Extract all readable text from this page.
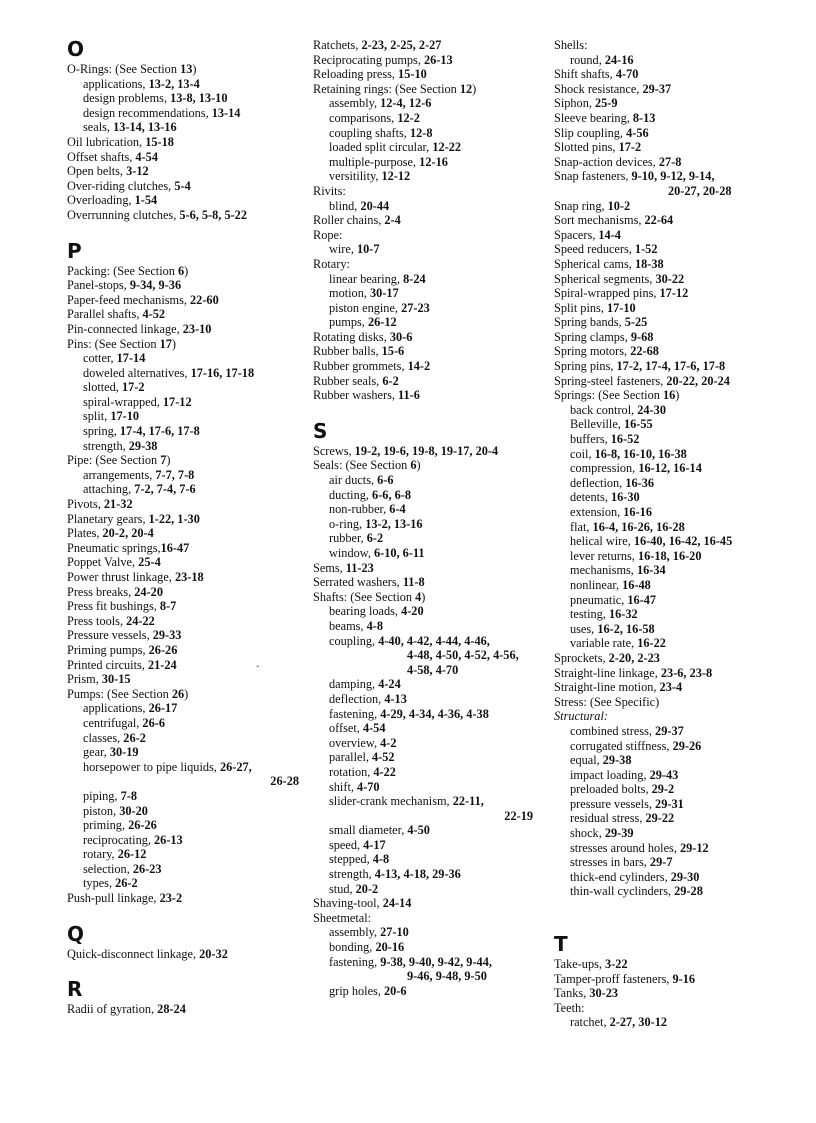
O
O-Rings: (See Section 13)
applications, 13-2, 13-4
design problems, 13-8, 13-10
design recommendations, 13-14
seals, 13-14, 13-16
Oil lubrication, 15-18
Offset shafts, 4-54
Open belts, 3-12
Over-riding clutches, 5-4
Overloading, 1-54
Overrunning clutches, 5-6, 5-8, 5-22
P
Packing: (See Section 6)
Panel-stops, 9-34, 9-36
Paper-feed mechanisms, 22-60
Parallel shafts, 4-52
Pin-connected linkage, 23-10
Pins: (See Section 17)
cotter, 17-14
doweled alternatives, 17-16, 17-18
slotted, 17-2
spiral-wrapped, 17-12
split, 17-10
spring, 17-4, 17-6, 17-8
strength, 29-38
Pipe: (See Section 7)
arrangements, 7-7, 7-8
attaching, 7-2, 7-4, 7-6
Pivots, 21-32
Planetary gears, 1-22, 1-30
Plates, 20-2, 20-4
Pneumatic springs,16-47
Poppet Valve, 25-4
Power thrust linkage, 23-18
Press breaks, 24-20
Press fit bushings, 8-7
Press tools, 24-22
Pressure vessels, 29-33
Priming pumps, 26-26
Printed circuits, 21-24
Prism, 30-15
Pumps: (See Section 26)
applications, 26-17
centrifugal, 26-6
classes, 26-2
gear, 30-19
horsepower to pipe liquids, 26-27,
26-28
piping, 7-8
piston, 30-20
priming, 26-26
reciprocating, 26-13
rotary, 26-12
selection, 26-23
types, 26-2
Push-pull linkage, 23-2
Q
Quick-disconnect linkage, 20-32
R
Radii of gyration, 28-24
Ratchets, 2-23, 2-25, 2-27
Reciprocating pumps, 26-13
Reloading press, 15-10
Retaining rings: (See Section 12)
assembly, 12-4, 12-6
comparisons, 12-2
coupling shafts, 12-8
loaded split circular, 12-22
multiple-purpose, 12-16
versitility, 12-12
Rivits:
blind, 20-44
Roller chains, 2-4
Rope:
wire, 10-7
Rotary:
linear bearing, 8-24
motion, 30-17
piston engine, 27-23
pumps, 26-12
Rotating disks, 30-6
Rubber balls, 15-6
Rubber grommets, 14-2
Rubber seals, 6-2
Rubber washers, 11-6
S
Screws, 19-2, 19-6, 19-8, 19-17, 20-4
Seals: (See Section 6)
air ducts, 6-6
ducting, 6-6, 6-8
non-rubber, 6-4
o-ring, 13-2, 13-16
rubber, 6-2
window, 6-10, 6-11
Sems, 11-23
Serrated washers, 11-8
Shafts: (See Section 4)
bearing loads, 4-20
beams, 4-8
coupling, 4-40, 4-42, 4-44, 4-46,
4-48, 4-50, 4-52, 4-56,
4-58, 4-70
damping, 4-24
deflection, 4-13
fastening, 4-29, 4-34, 4-36, 4-38
offset, 4-54
overview, 4-2
parallel, 4-52
rotation, 4-22
shift, 4-70
slider-crank mechanism, 22-11,
22-19
small diameter, 4-50
speed, 4-17
stepped, 4-8
strength, 4-13, 4-18, 29-36
stud, 20-2
Shaving-tool, 24-14
Sheetmetal:
assembly, 27-10
bonding, 20-16
fastening, 9-38, 9-40, 9-42, 9-44,
9-46, 9-48, 9-50
grip holes, 20-6
Shells:
round, 24-16
Shift shafts, 4-70
Shock resistance, 29-37
Siphon, 25-9
Sleeve bearing, 8-13
Slip coupling, 4-56
Slotted pins, 17-2
Snap-action devices, 27-8
Snap fasteners, 9-10, 9-12, 9-14,
20-27, 20-28
Snap ring, 10-2
Sort mechanisms, 22-64
Spacers, 14-4
Speed reducers, 1-52
Spherical cams, 18-38
Spherical segments, 30-22
Spiral-wrapped pins, 17-12
Split pins, 17-10
Spring bands, 5-25
Spring clamps, 9-68
Spring motors, 22-68
Spring pins, 17-2, 17-4, 17-6, 17-8
Spring-steel fasteners, 20-22, 20-24
Springs: (See Section 16)
back control, 24-30
Belleville, 16-55
buffers, 16-52
coil, 16-8, 16-10, 16-38
compression, 16-12, 16-14
deflection, 16-36
detents, 16-30
extension, 16-16
flat, 16-4, 16-26, 16-28
helical wire, 16-40, 16-42, 16-45
lever returns, 16-18, 16-20
mechanisms, 16-34
nonlinear, 16-48
pneumatic, 16-47
testing, 16-32
uses, 16-2, 16-58
variable rate, 16-22
Sprockets, 2-20, 2-23
Straight-line linkage, 23-6, 23-8
Straight-line motion, 23-4
Stress: (See Specific)
Structural:
combined stress, 29-37
corrugated stiffness, 29-26
equal, 29-38
impact loading, 29-43
preloaded bolts, 29-2
pressure vessels, 29-31
residual stress, 29-22
shock, 29-39
stresses around holes, 29-12
stresses in bars, 29-7
thick-end cylinders, 29-30
thin-wall cyclinders, 29-28
T
Take-ups, 3-22
Tamper-proff fasteners, 9-16
Tanks, 30-23
Teeth:
ratchet, 2-27, 30-12
ˇ
